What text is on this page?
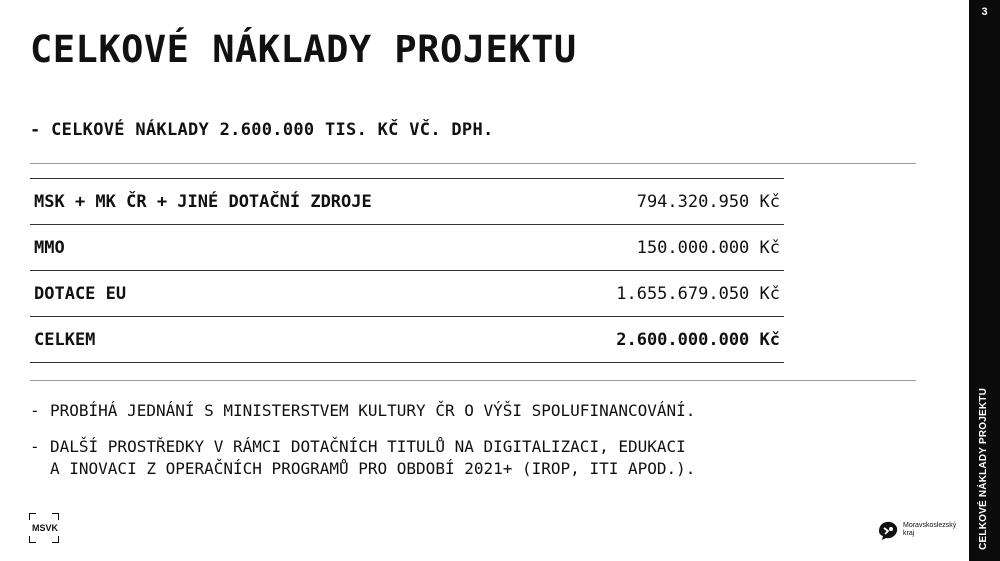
CELKOVÉ NÁKLADY PROJEKTU
- CELKOVÉ NÁKLADY 2.600.000 TIS. KČ VČ. DPH.
MSK + MK ČR + JINÉ DOTAČNÍ ZDROJE	794.320.950 Kč
MMO	150.000.000 Kč
DOTACE EU	1.655.679.050 Kč
CELKEM	2.600.000.000 Kč
- PROBÍHÁ JEDNÁNÍ S MINISTERSTVEM KULTURY ČR O VÝŠI SPOLUFINANCOVÁNÍ.
- DALŠÍ PROSTŘEDKY V RÁMCI DOTAČNÍCH TITULŮ NA DIGITALIZACI, EDUKACI
A INOVACI Z OPERAČNÍCH PROGRAMŮ PRO OBDOBÍ 2021+ (IROP, ITI APOD.).
MSVK	Moravskoslezský
kraj
3
CELKOVÉ NÁKLADY PROJEKTU
